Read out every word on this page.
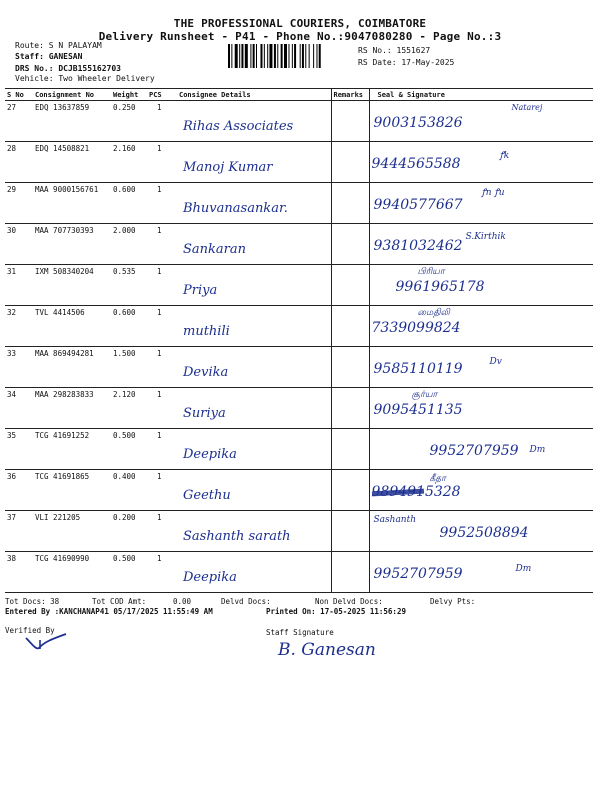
THE PROFESSIONAL COURIERS, COIMBATORE
Delivery Runsheet - P41 - Phone No.:9047080280 - Page No.:3
Route: S N PALAYAM
Staff: GANESAN
DRS No.: DCJB155162703
Vehicle: Two Wheeler Delivery
RS No.: 1551627
RS Date: 17-May-2025
S No	Consignment No	Weight	PCS	Consignee Details	Remarks	Seal & Signature
27	EDQ 13637859	0.250	1	Rihas Associates		9003153826
Natarej

28	EDQ 14508821	2.160	1	Manoj Kumar		9444565588 ꝭk

29	MAA 9000156761	0.600	1	Bhuvanasankar.		9940577667
ꝭn ꝭu

30	MAA 707730393	2.000	1	Sankaran		9381032462
S.Kirthik

31	IXM 508340204	0.535	1	Priya		9961965178
பிரியா

32	TVL 4414506	0.600	1	muthili		7339099824
மைதிலி

33	MAA 869494281	1.500	1	Devika		9585110119 Dv

34	MAA 298283833	2.120	1	Suriya		9095451135
சூர்யா

35	TCG 41691252	0.500	1	Deepika		9952707959 Dm

36	TCG 41691865	0.400	1	Geethu		9894915328
கீதா

37	VLI 221205	0.200	1	Sashanth sarath		9952508894
Sashanth

38	TCG 41690990	0.500	1	Deepika		9952707959 Dm
Tot Docs: 38	Tot COD Amt:	0.00	Delvd Docs:	Non Delvd Docs:	Delvy Pts:
Entered By :KANCHANAP41 05/17/2025 11:55:49 AM	Printed On: 17-05-2025 11:56:29
Verified By	Staff Signature
B. Ganesan
